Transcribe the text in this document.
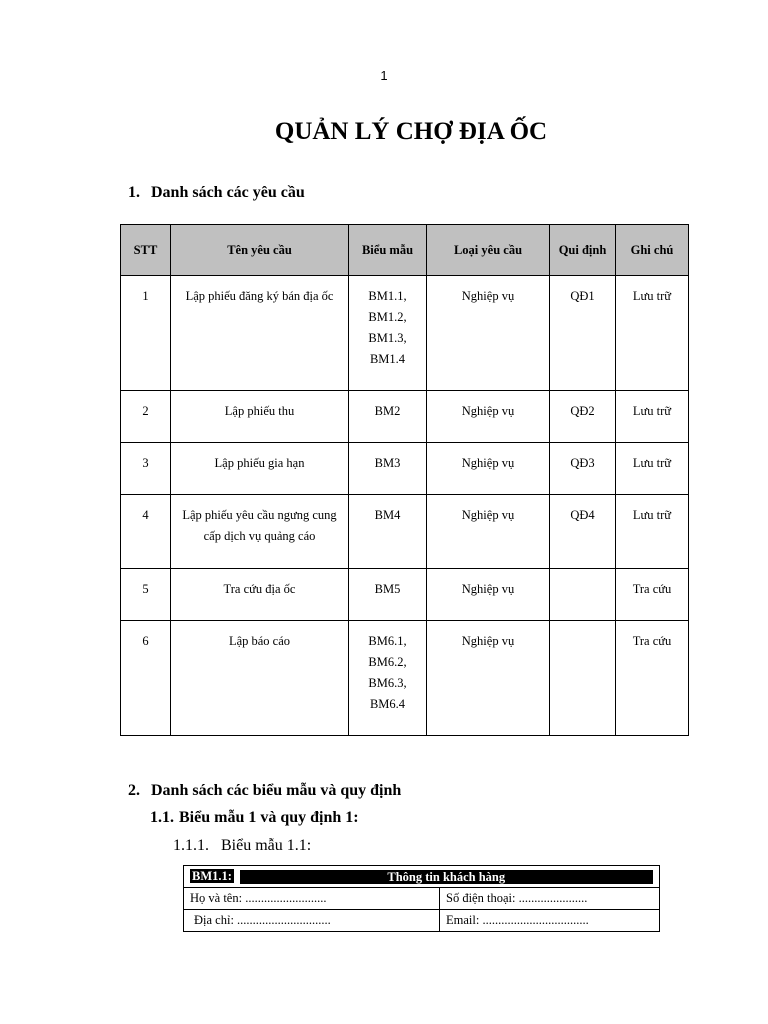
1
QUẢN LÝ CHỢ ĐỊA ỐC
1. Danh sách các yêu cầu
STT	Tên yêu cầu	Biểu mẫu	Loại yêu cầu	Qui định	Ghi chú
1	Lập phiếu đăng ký bán địa ốc	BM1.1,
BM1.2,
BM1.3,
BM1.4	Nghiệp vụ	QĐ1	Lưu trữ
2	Lập phiếu thu	BM2	Nghiệp vụ	QĐ2	Lưu trữ
3	Lập phiếu gia hạn	BM3	Nghiệp vụ	QĐ3	Lưu trữ
4	Lập phiếu yêu cầu ngưng cung cấp dịch vụ quảng cáo	BM4	Nghiệp vụ	QĐ4	Lưu trữ
5	Tra cứu địa ốc	BM5	Nghiệp vụ		Tra cứu
6	Lập báo cáo	BM6.1,
BM6.2,
BM6.3,
BM6.4	Nghiệp vụ		Tra cứu
2. Danh sách các biểu mẫu và quy định
1.1. Biểu mẫu 1 và quy định 1:
1.1.1. Biểu mẫu 1.1:
BM1.1:	Thông tin khách hàng	

Họ và tên: ..........................		Số điện thoại: ......................
Địa chỉ: ..............................		Email: ..................................
